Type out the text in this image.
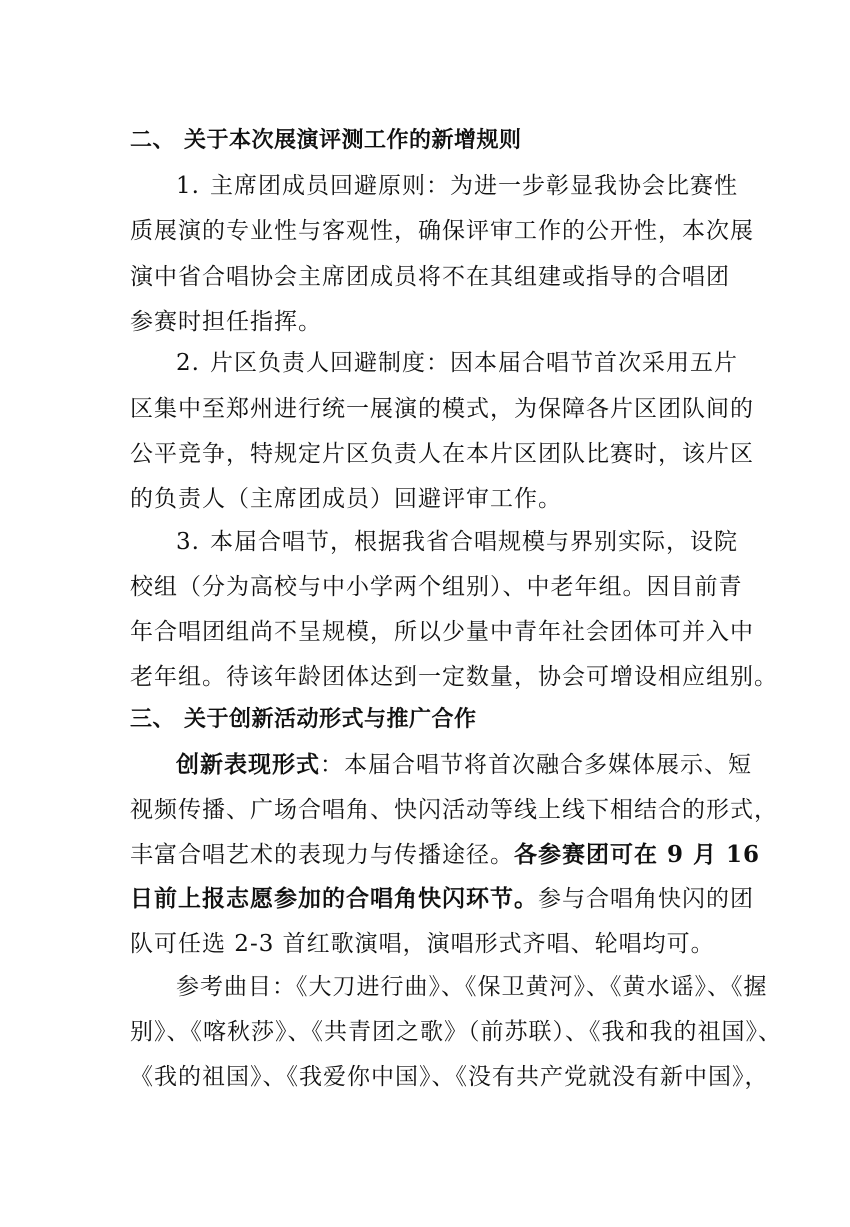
二、 关于本次展演评测工作的新增规则
1. 主席团成员回避原则：为进一步彰显我协会比赛性
质展演的专业性与客观性，确保评审工作的公开性，本次展
演中省合唱协会主席团成员将不在其组建或指导的合唱团
参赛时担任指挥。
2. 片区负责人回避制度：因本届合唱节首次采用五片
区集中至郑州进行统一展演的模式，为保障各片区团队间的
公平竞争，特规定片区负责人在本片区团队比赛时，该片区
的负责人（主席团成员）回避评审工作。
3. 本届合唱节，根据我省合唱规模与界别实际，设院
校组（分为高校与中小学两个组别）、中老年组。因目前青
年合唱团组尚不呈规模，所以少量中青年社会团体可并入中
老年组。待该年龄团体达到一定数量，协会可增设相应组别。
三、 关于创新活动形式与推广合作
创新表现形式：本届合唱节将首次融合多媒体展示、短
视频传播、广场合唱角、快闪活动等线上线下相结合的形式，
丰富合唱艺术的表现力与传播途径。各参赛团可在 9 月 16
日前上报志愿参加的合唱角快闪环节。参与合唱角快闪的团
队可任选 2-3 首红歌演唱，演唱形式齐唱、轮唱均可。
参考曲目：《大刀进行曲》、《保卫黄河》、《黄水谣》、《握
别》、《喀秋莎》、《共青团之歌》（前苏联）、《我和我的祖国》、
《我的祖国》、《我爱你中国》、《没有共产党就没有新中国》，
